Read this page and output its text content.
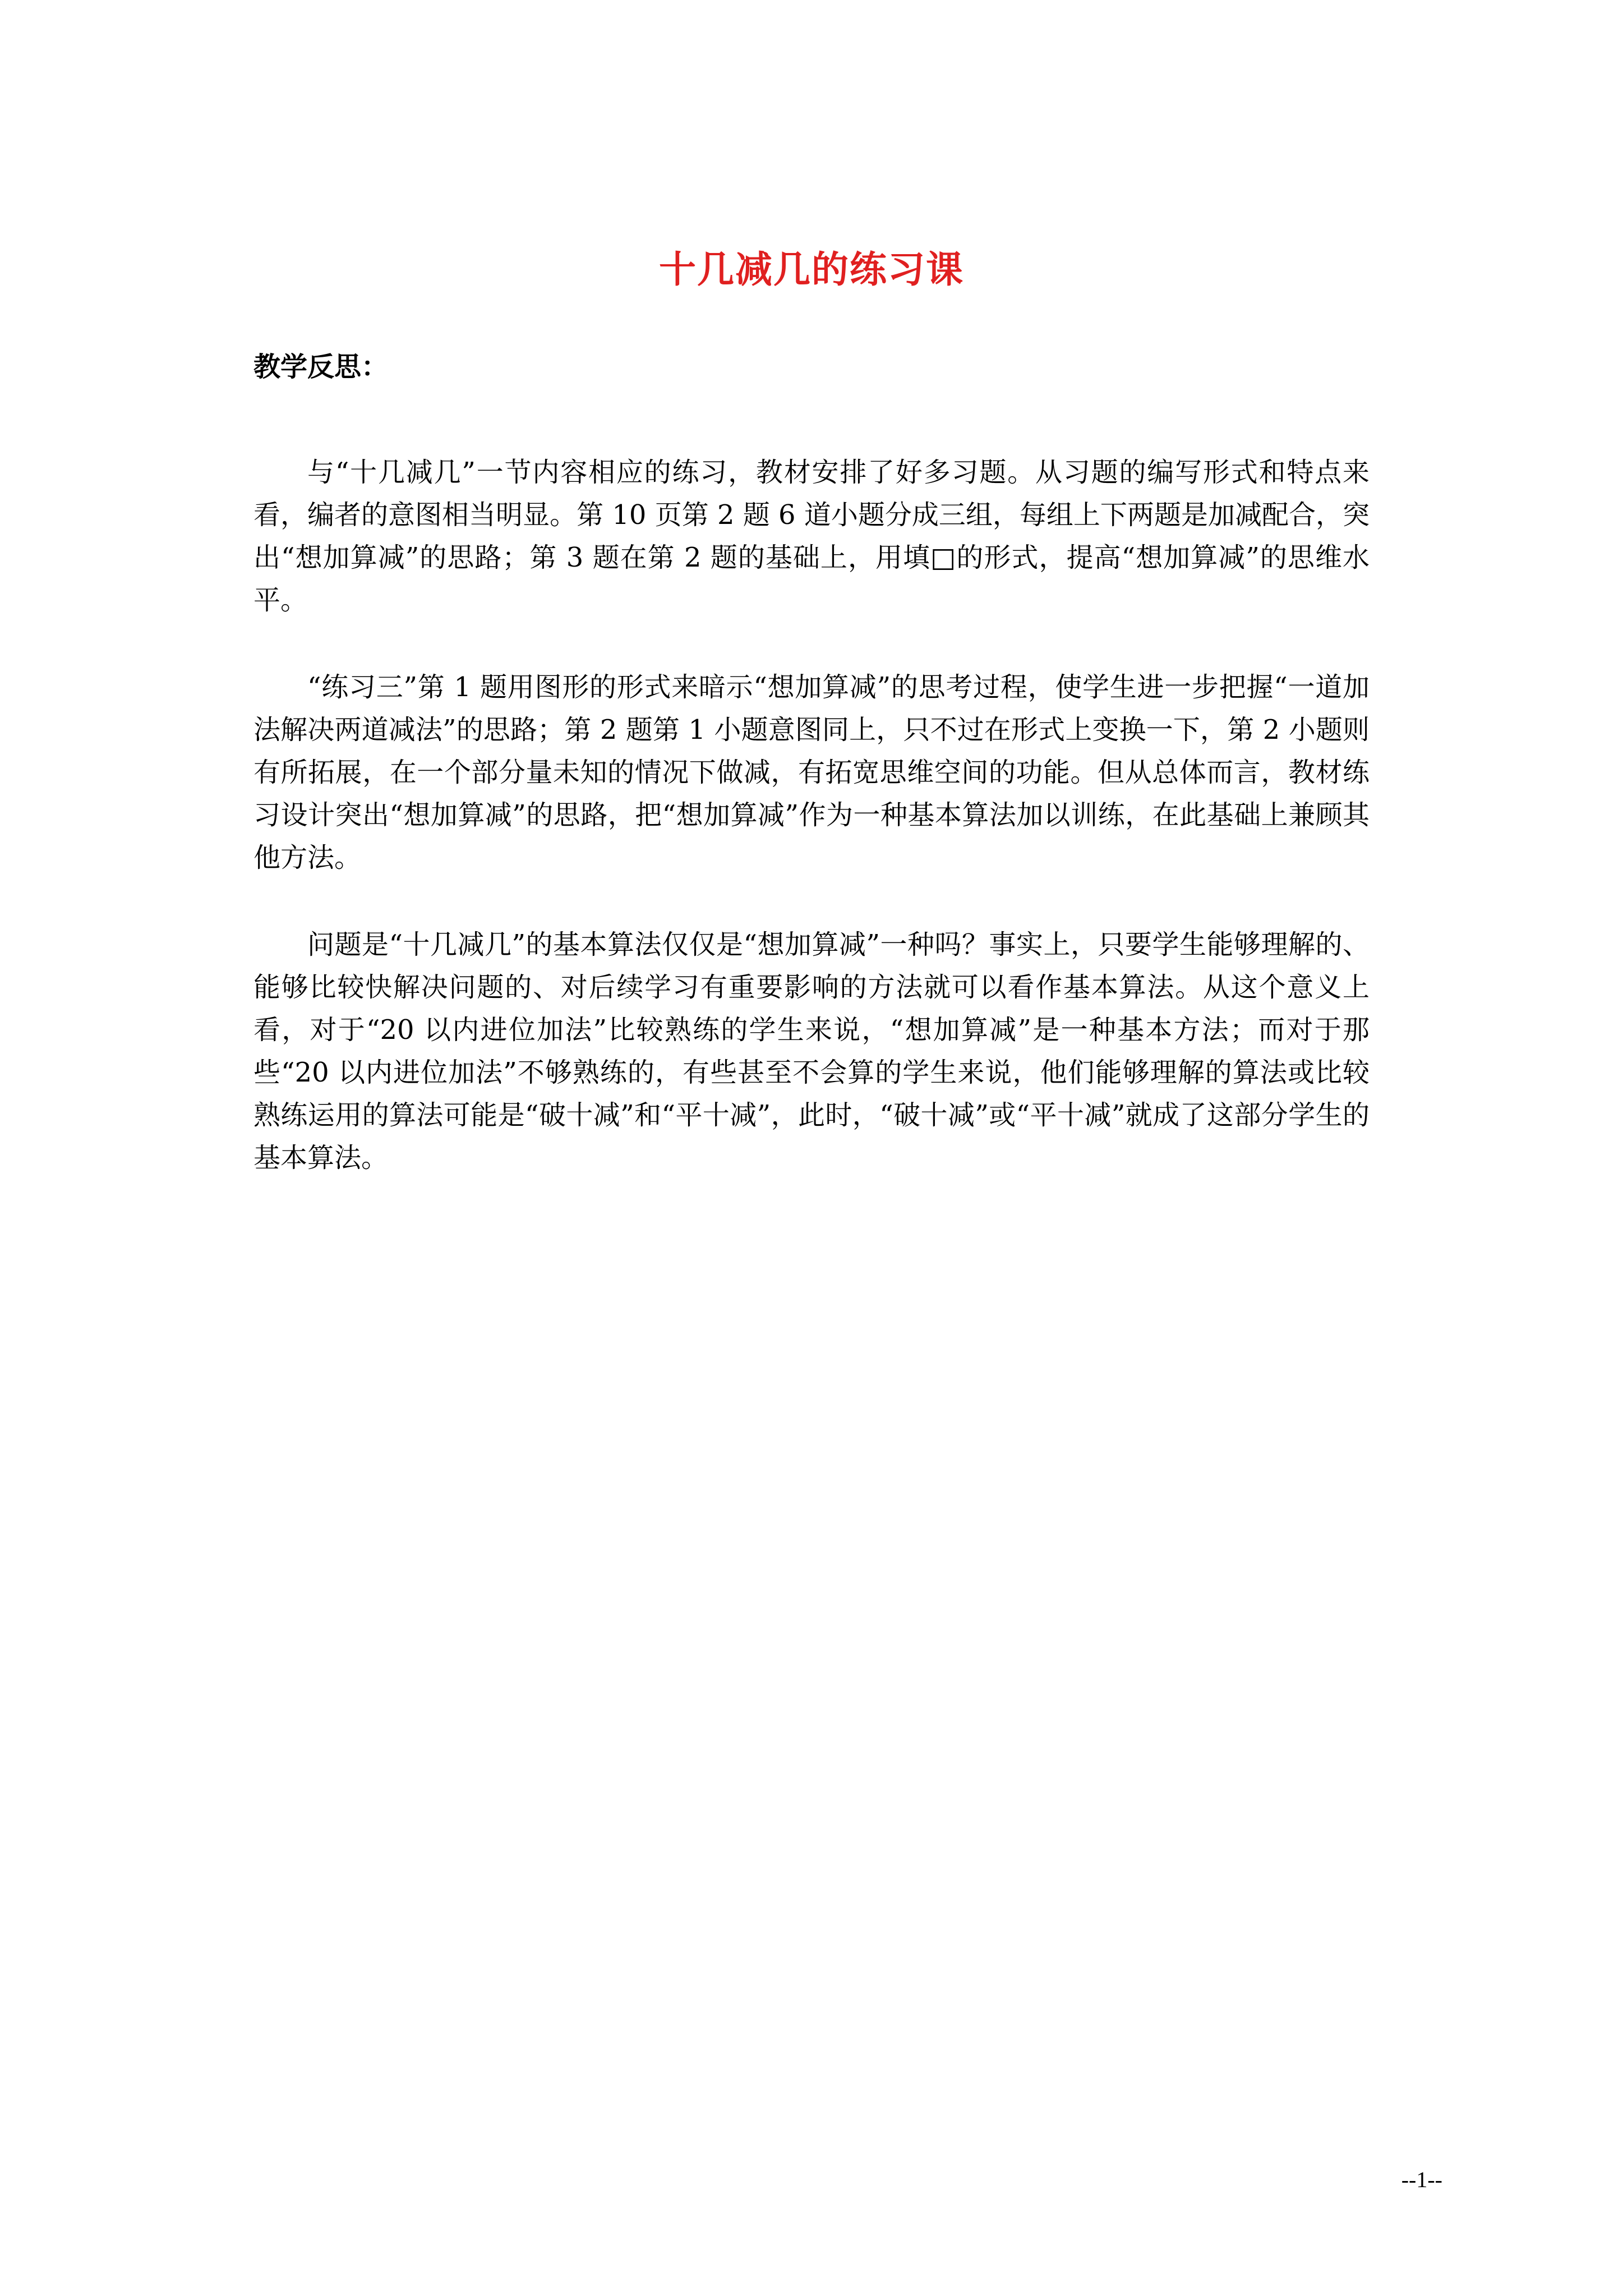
十几减几的练习课
教学反思：

与“十几减几”一节内容相应的练习，教材安排了好多习题。从习题的编写形式和特点来看，编者的意图相当明显。第 10 页第 2 题 6 道小题分成三组，每组上下两题是加减配合，突出“想加算减”的思路；第 3 题在第 2 题的基础上，用填□的形式，提高“想加算减”的思维水平。

“练习三”第 1 题用图形的形式来暗示“想加算减”的思考过程，使学生进一步把握“一道加法解决两道减法”的思路；第 2 题第 1 小题意图同上，只不过在形式上变换一下，第 2 小题则有所拓展，在一个部分量未知的情况下做减，有拓宽思维空间的功能。但从总体而言，教材练习设计突出“想加算减”的思路，把“想加算减”作为一种基本算法加以训练，在此基础上兼顾其他方法。

问题是“十几减几”的基本算法仅仅是“想加算减”一种吗？事实上，只要学生能够理解的、能够比较快解决问题的、对后续学习有重要影响的方法就可以看作基本算法。从这个意义上看，对于“20 以内进位加法”比较熟练的学生来说，“想加算减”是一种基本方法；而对于那些“20 以内进位加法”不够熟练的，有些甚至不会算的学生来说，他们能够理解的算法或比较熟练运用的算法可能是“破十减”和“平十减”，此时，“破十减”或“平十减”就成了这部分学生的基本算法。

--1--
